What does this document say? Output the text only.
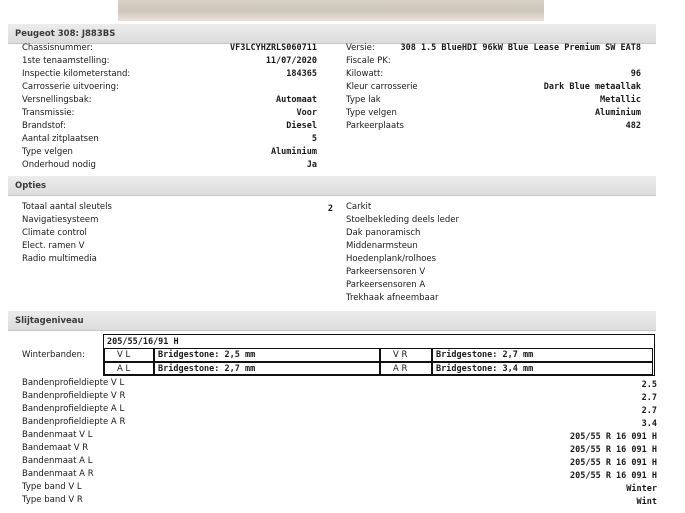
Peugeot 308: J883BS
Chassisnummer:	VF3LCYHZRLS060711
1ste tenaamstelling:	11/07/2020
Inspectie kilometerstand:	184365
Carrosserie uitvoering:
Versnellingsbak:	Automaat
Transmissie:	Voor
Brandstof:	Diesel
Aantal zitplaatsen	5
Type velgen	Aluminium
Onderhoud nodig	Ja
Versie:	308 1.5 BlueHDI 96kW Blue Lease Premium SW EAT8
Fiscale PK:
Kilowatt:	96
Kleur carrosserie	Dark Blue metaallak
Type lak	Metallic
Type velgen	Aluminium
Parkeerplaats	482
Opties
Totaal aantal sleutels	2
Navigatiesysteem
Climate control
Elect. ramen V
Radio multimedia
Carkit
Stoelbekleding deels leder
Dak panoramisch
Middenarmsteun
Hoedenplank/rolhoes
Parkeersensoren V
Parkeersensoren A
Trekhaak afneembaar
Slijtageniveau
Winterbanden:
205/55/16/91 H
V L	Bridgestone: 2,5 mm	V R	Bridgestone: 2,7 mm
A L	Bridgestone: 2,7 mm	A R	Bridgestone: 3,4 mm
Bandenprofieldiepte V L	2.5
Bandenprofieldiepte V R	2.7
Bandenprofieldiepte A L	2.7
Bandenprofieldiepte A R	3.4
Bandenmaat V L	205/55 R 16 091 H
Bandemaat V R	205/55 R 16 091 H
Bandenmaat A L	205/55 R 16 091 H
Bandenmaat A R	205/55 R 16 091 H
Type band V L	Winter
Type band V R	Wint
